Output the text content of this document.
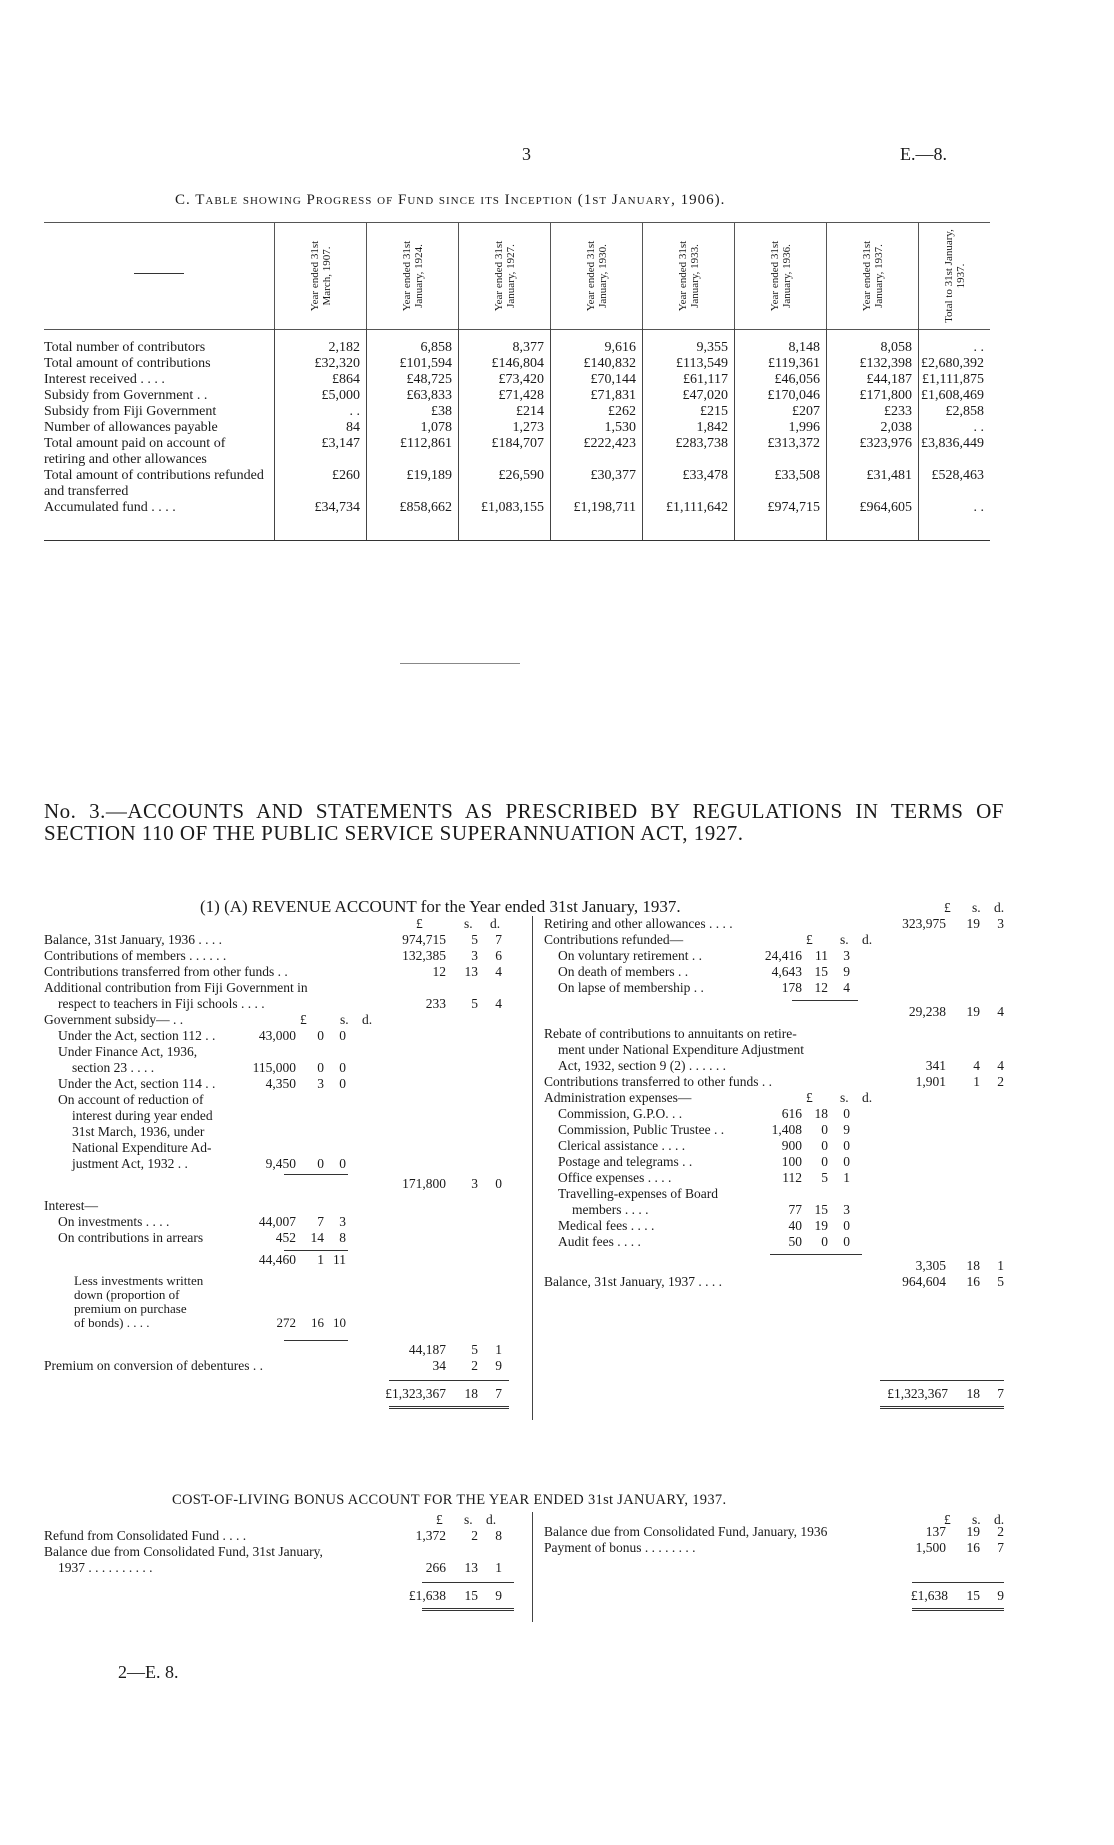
3	E.—8.
C. Table showing Progress of Fund since its Inception (1st January, 1906).
Year ended 31st March, 1907.	Year ended 31st January, 1924.	Year ended 31st January, 1927.	Year ended 31st January, 1930.	Year ended 31st January, 1933.	Year ended 31st January, 1936.	Year ended 31st January, 1937.	Total to 31st January, 1937.
Total number of contributors	2,182	6,858	8,377	9,616	9,355	8,148	8,058	. .
Total amount of contributions	£32,320	£101,594	£146,804	£140,832	£113,549	£119,361	£132,398 £2,680,392
Interest received . . . .	£864	£48,725	£73,420	£70,144	£61,117	£46,056	£44,187 £1,111,875
Subsidy from Government . .	£5,000	£63,833	£71,428	£71,831	£47,020	£170,046	£171,800 £1,608,469
Subsidy from Fiji Government	. .	£38	£214	£262	£215	£207	£233	£2,858
Number of allowances payable	84	1,078	1,273	1,530	1,842	1,996	2,038	. .
Total amount paid on account of retiring and other allowances
£3,147	£112,861	£184,707	£222,423	£283,738	£313,372	£323,976 £3,836,449
Total amount of contributions refunded and transferred
£260	£19,189	£26,590	£30,377	£33,478	£33,508	£31,481	£528,463
Accumulated fund . . . .	£34,734	£858,662	£1,083,155	£1,198,711	£1,111,642	£974,715	£964,605	. .
No. 3.—ACCOUNTS AND STATEMENTS AS PRESCRIBED BY REGULATIONS IN TERMS OF SECTION 110 OF THE PUBLIC SERVICE SUPERANNUATION ACT, 1927.
(1) (A) REVENUE ACCOUNT for the Year ended 31st January, 1937.
£	s. d.
Balance, 31st January, 1936 . . . .	974,715	5	7
Contributions of members . . . . . .	132,385	3	6
Contributions transferred from other funds . .	12	13	4
Additional contribution from Fiji Government in
respect to teachers in Fiji schools . . . .	233	5	4
Government subsidy— . .	£ s. d.
Under the Act, section 112 . .	43,000	0	0
Under Finance Act, 1936,
section 23 . . . .	115,000	0	0
Under the Act, section 114 . .	4,350	3	0
On account of reduction of
interest during year ended
31st March, 1936, under
National Expenditure Ad-
justment Act, 1932 . .	9,450	0	0
171,800	3	0
Interest—
On investments . . . .	44,007	7	3
On contributions in arrears	452	14	8
44,460	1 11
Less investments written
down (proportion of
premium on purchase
of bonds) . . . .	272	16 10
44,187	5	1
Premium on conversion of debentures . .	34	2	9
£1,323,367	18	7	£1,323,367	18	7
£ s. d.
Retiring and other allowances . . . .	323,975	19	3
Contributions refunded—	£ s. d.
On voluntary retirement . .	24,416 11	3
On death of members . .	4,643 15	9
On lapse of membership . .	178 12	4
29,238	19	4
Rebate of contributions to annuitants on retire-
ment under National Expenditure Adjustment
Act, 1932, section 9 (2) . . . . . .	341	4	4
Contributions transferred to other funds . .	1,901	1	2
Administration expenses—	£ s. d.
Commission, G.P.O. . .	616 18	0
Commission, Public Trustee . .	1,408	0	9
Clerical assistance . . . .	900	0	0
Postage and telegrams . .	100	0	0
Office expenses . . . .	112	5	1
Travelling-expenses of Board
members . . . .	77 15	3
Medical fees . . . .	40 19	0
Audit fees . . . .	50	0	0
3,305	18	1
Balance, 31st January, 1937 . . . .	964,604	16	5
COST-OF-LIVING BONUS ACCOUNT FOR THE YEAR ENDED 31st JANUARY, 1937.
£ s. d.
Refund from Consolidated Fund . . . .	1,372	2	8
Balance due from Consolidated Fund, 31st January,
1937 . . . . . . . . . .	266	13	1
£1,638	15	9
£ s. d.
Balance due from Consolidated Fund, January, 1936	137	19	2
Payment of bonus . . . . . . . .	1,500	16	7
£1,638	15	9
2—E. 8.
